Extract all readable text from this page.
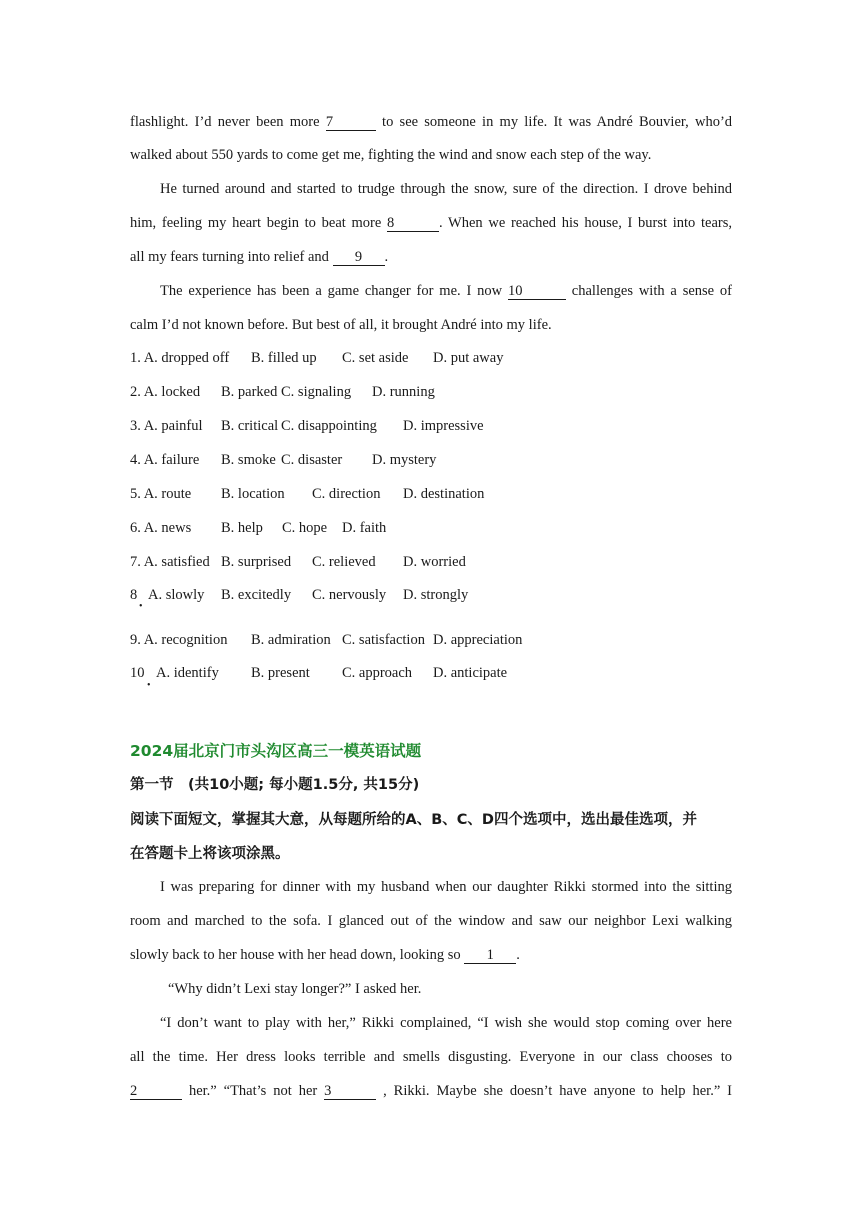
flashlight. I’d never been more 7	to see someone in my life. It was André Bouvier, who’d
walked about 550 yards to come get me, fighting the wind and snow each step of the way.
He turned around and started to trudge through the snow, sure of the direction. I drove behind
him, feeling my heart begin to beat more 8	. When we reached his house, I burst into tears,
all my fears turning into relief and 9 .
The experience has been a game changer for me. I now 10	challenges with a sense of
calm I’d not known before. But best of all, it brought André into my life.
1. A. dropped off B. filled up C. set aside D. put away
2. A. locked B. parked C. signaling D. running
3. A. painful B. critical C. disappointing D. impressive
4. A. failure B. smoke C. disaster D. mystery
5. A. route B. location C. direction D. destination
6. A. news B. help C. hope D. faith
7. A. satisfied B. surprised C. relieved D. worried
8
•
A. slowly B. excitedly C. nervously D. strongly
9. A. recognition B. admiration C. satisfaction D. appreciation
10
•
A. identify B. present C. approach D. anticipate
2024届北京门市头沟区高三一模英语试题
第一节　(共10小题; 每小题1.5分, 共15分)
阅读下面短文，掌握其大意，从每题所给的A、B、C、D四个选项中，选出最佳选项，并
在答题卡上将该项涂黑。
I was preparing for dinner with my husband when our daughter Rikki stormed into the sitting
room and marched to the sofa. I glanced out of the window and saw our neighbor Lexi walking
slowly back to her house with her head down, looking so 1 .
“Why didn’t Lexi stay longer?” I asked her.
“I don’t want to play with her,” Rikki complained, “I wish she would stop coming over here
all the time. Her dress looks terrible and smells disgusting. Everyone in our class chooses to
2	her.” “That’s not her 3	, Rikki. Maybe she doesn’t have anyone to help her.” I
